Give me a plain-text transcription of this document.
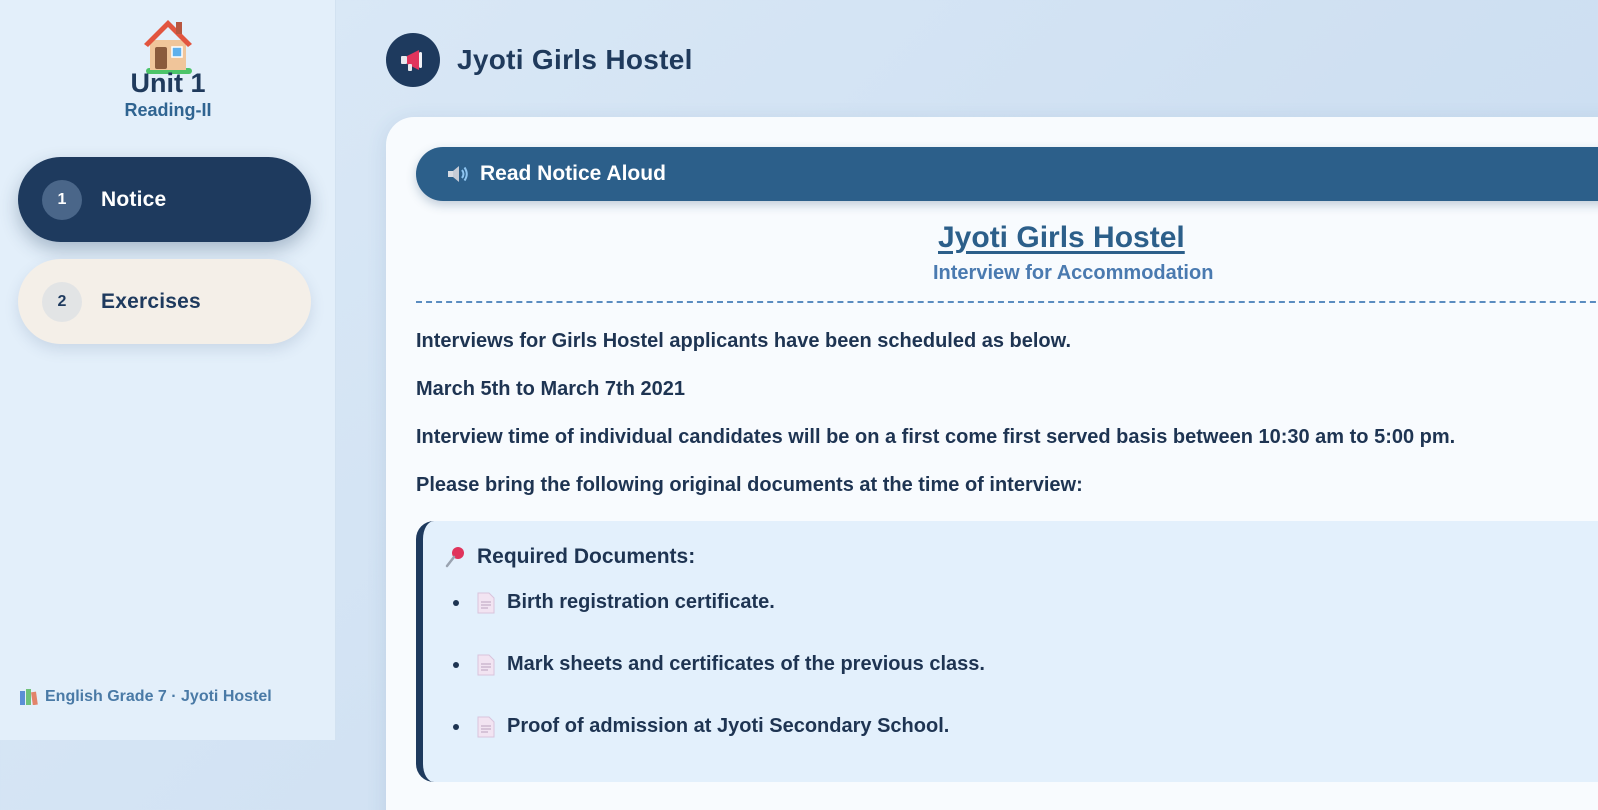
Unit 1
Reading-II
1	Notice
2	Exercises
English Grade 7 · Jyoti Hostel
Jyoti Girls Hostel
Read Notice Aloud
Jyoti Girls Hostel
Interview for Accommodation

Interviews for Girls Hostel applicants have been scheduled as below.

March 5th to March 7th 2021

Interview time of individual candidates will be on a first come first served basis between 10:30 am to 5:00 pm.

Please bring the following original documents at the time of interview:

Required Documents:
Birth registration certificate.
Mark sheets and certificates of the previous class.
Proof of admission at Jyoti Secondary School.
